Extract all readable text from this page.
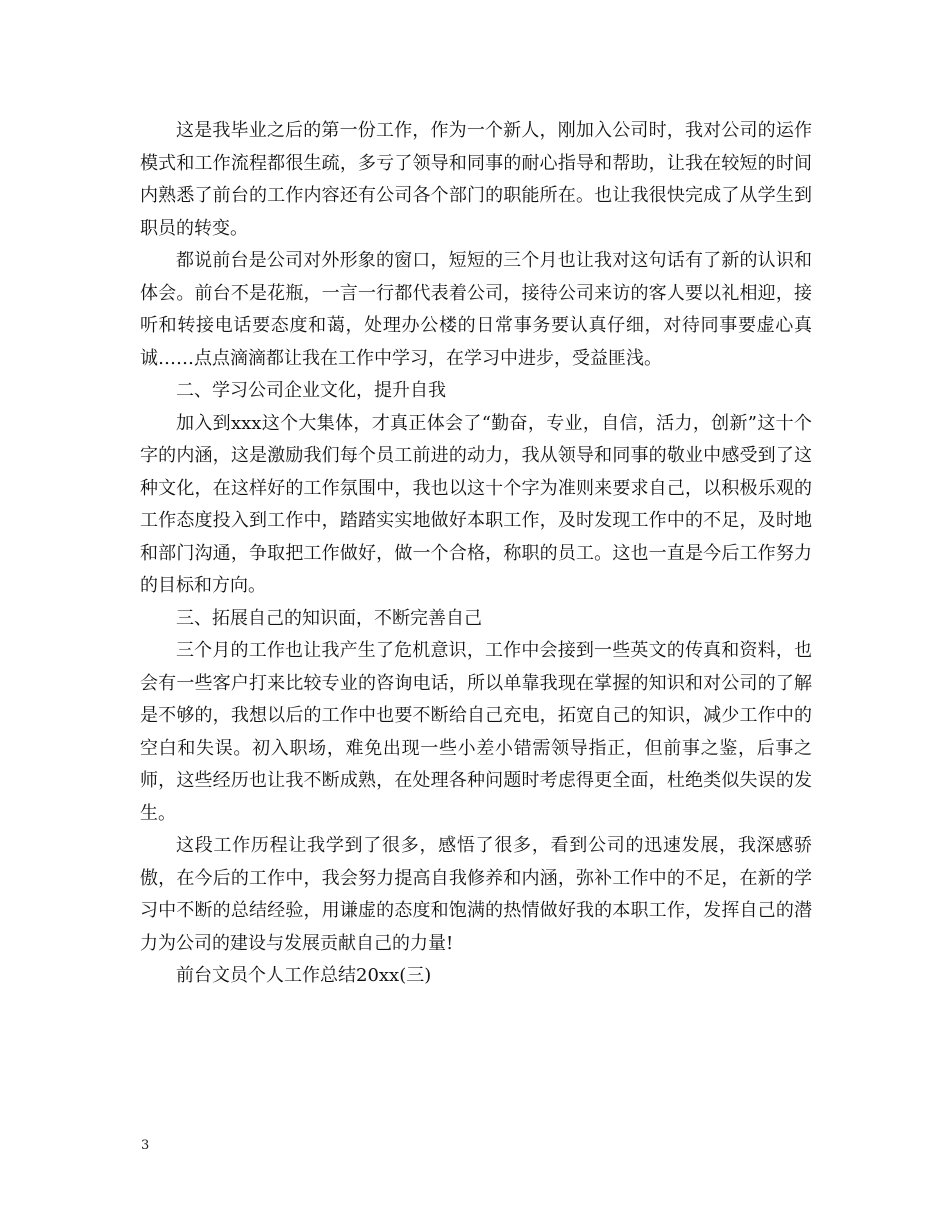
这是我毕业之后的第一份工作，作为一个新人，刚加入公司时，我对公司的运作模式和工作流程都很生疏，多亏了领导和同事的耐心指导和帮助，让我在较短的时间内熟悉了前台的工作内容还有公司各个部门的职能所在。也让我很快完成了从学生到职员的转变。

都说前台是公司对外形象的窗口，短短的三个月也让我对这句话有了新的认识和体会。前台不是花瓶，一言一行都代表着公司，接待公司来访的客人要以礼相迎，接听和转接电话要态度和蔼，处理办公楼的日常事务要认真仔细，对待同事要虚心真诚……点点滴滴都让我在工作中学习，在学习中进步，受益匪浅。

二、学习公司企业文化，提升自我

加入到xxx这个大集体，才真正体会了“勤奋，专业，自信，活力，创新”这十个字的内涵，这是激励我们每个员工前进的动力，我从领导和同事的敬业中感受到了这种文化，在这样好的工作氛围中，我也以这十个字为准则来要求自己，以积极乐观的工作态度投入到工作中，踏踏实实地做好本职工作，及时发现工作中的不足，及时地和部门沟通，争取把工作做好，做一个合格，称职的员工。这也一直是今后工作努力的目标和方向。

三、拓展自己的知识面，不断完善自己

三个月的工作也让我产生了危机意识，工作中会接到一些英文的传真和资料，也会有一些客户打来比较专业的咨询电话，所以单靠我现在掌握的知识和对公司的了解是不够的，我想以后的工作中也要不断给自己充电，拓宽自己的知识，减少工作中的空白和失误。初入职场，难免出现一些小差小错需领导指正，但前事之鉴，后事之师，这些经历也让我不断成熟，在处理各种问题时考虑得更全面，杜绝类似失误的发生。

这段工作历程让我学到了很多，感悟了很多，看到公司的迅速发展，我深感骄傲，在今后的工作中，我会努力提高自我修养和内涵，弥补工作中的不足，在新的学习中不断的总结经验，用谦虚的态度和饱满的热情做好我的本职工作，发挥自己的潜力为公司的建设与发展贡献自己的力量!

前台文员个人工作总结20xx(三)

3
